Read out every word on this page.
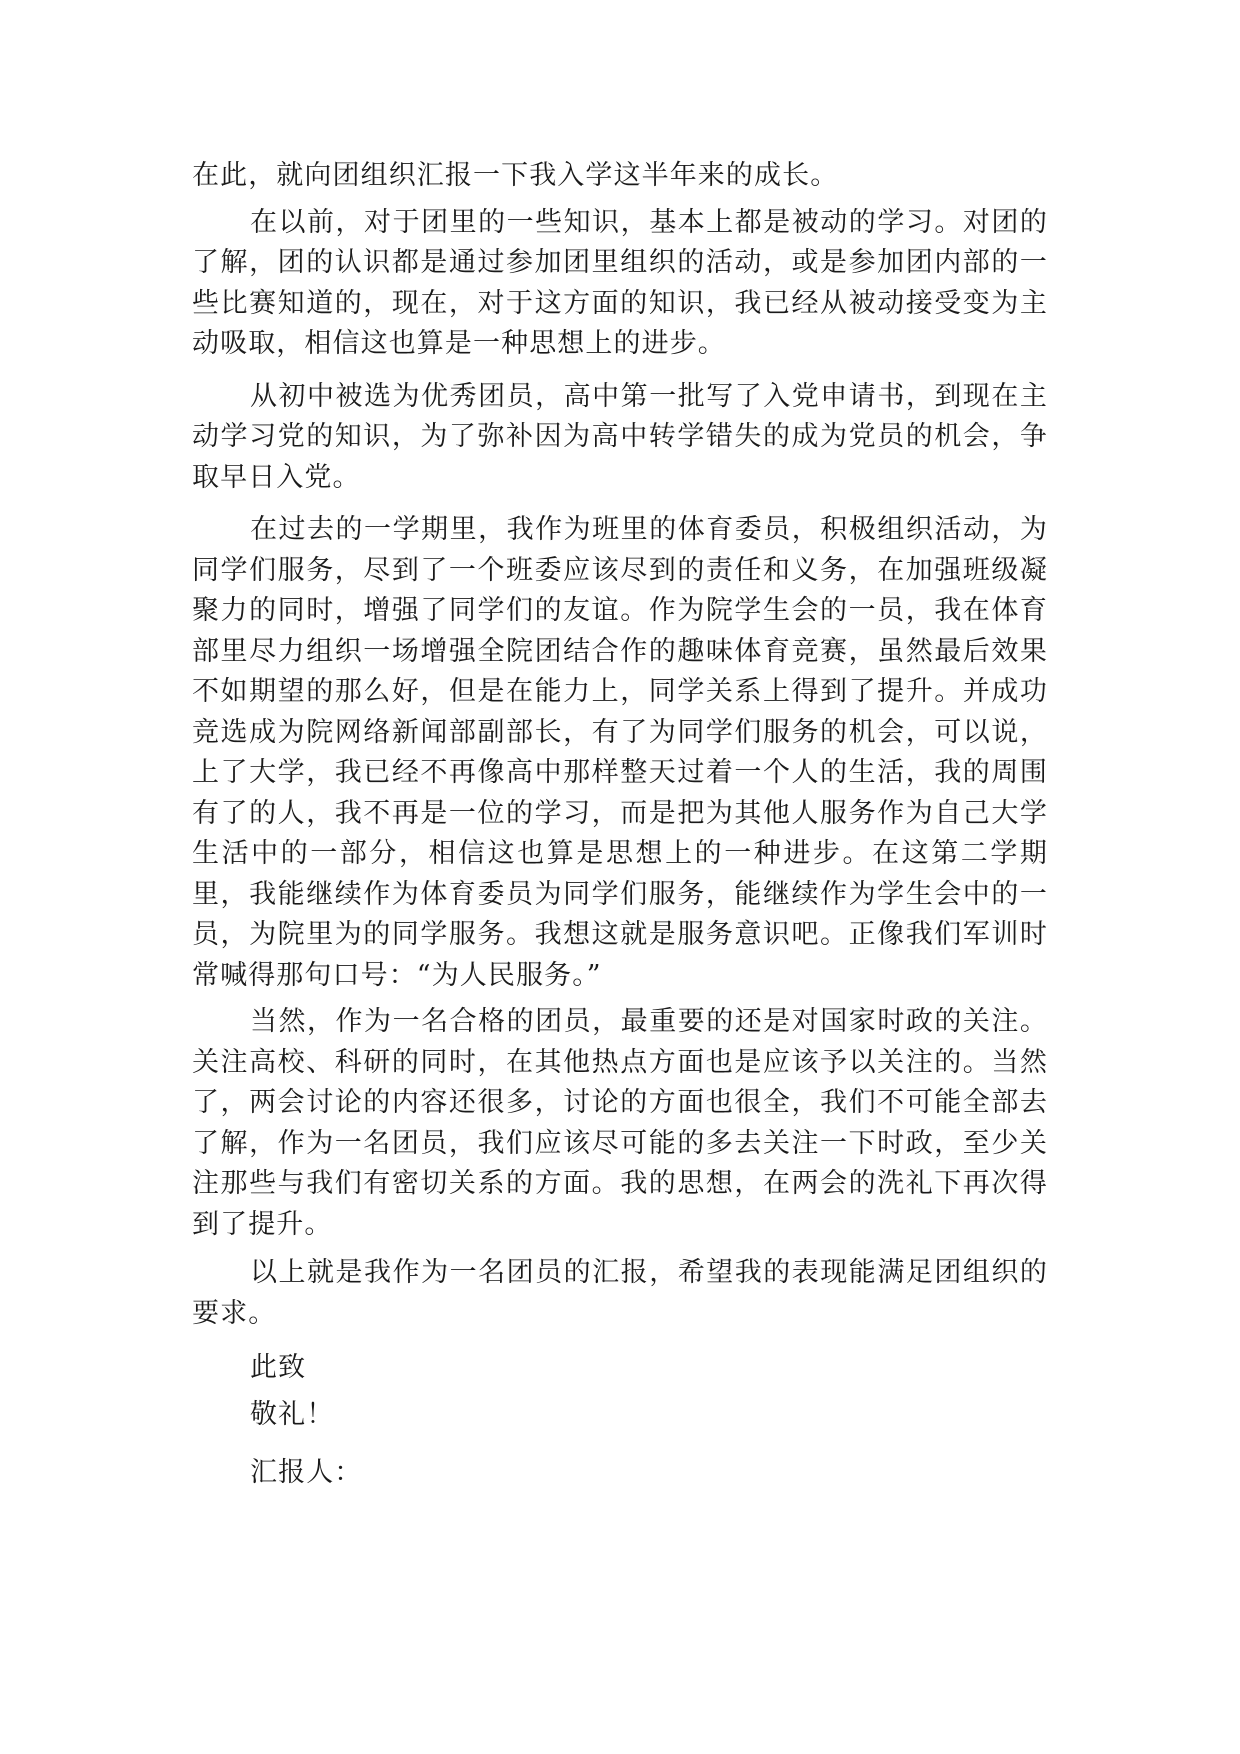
在此，就向团组织汇报一下我入学这半年来的成长。

在以前，对于团里的一些知识，基本上都是被动的学习。对团的了解，团的认识都是通过参加团里组织的活动，或是参加团内部的一些比赛知道的，现在，对于这方面的知识，我已经从被动接受变为主动吸取，相信这也算是一种思想上的进步。

从初中被选为优秀团员，高中第一批写了入党申请书，到现在主动学习党的知识，为了弥补因为高中转学错失的成为党员的机会，争取早日入党。

在过去的一学期里，我作为班里的体育委员，积极组织活动，为同学们服务，尽到了一个班委应该尽到的责任和义务，在加强班级凝聚力的同时，增强了同学们的友谊。作为院学生会的一员，我在体育部里尽力组织一场增强全院团结合作的趣味体育竞赛，虽然最后效果不如期望的那么好，但是在能力上，同学关系上得到了提升。并成功竞选成为院网络新闻部副部长，有了为同学们服务的机会，可以说，上了大学，我已经不再像高中那样整天过着一个人的生活，我的周围有了的人，我不再是一位的学习，而是把为其他人服务作为自己大学生活中的一部分，相信这也算是思想上的一种进步。在这第二学期里，我能继续作为体育委员为同学们服务，能继续作为学生会中的一员，为院里为的同学服务。我想这就是服务意识吧。正像我们军训时常喊得那句口号：“为人民服务。”

当然，作为一名合格的团员，最重要的还是对国家时政的关注。关注高校、科研的同时，在其他热点方面也是应该予以关注的。当然了，两会讨论的内容还很多，讨论的方面也很全，我们不可能全部去了解，作为一名团员，我们应该尽可能的多去关注一下时政，至少关注那些与我们有密切关系的方面。我的思想，在两会的洗礼下再次得到了提升。

以上就是我作为一名团员的汇报，希望我的表现能满足团组织的要求。

此致

敬礼！

汇报人：
